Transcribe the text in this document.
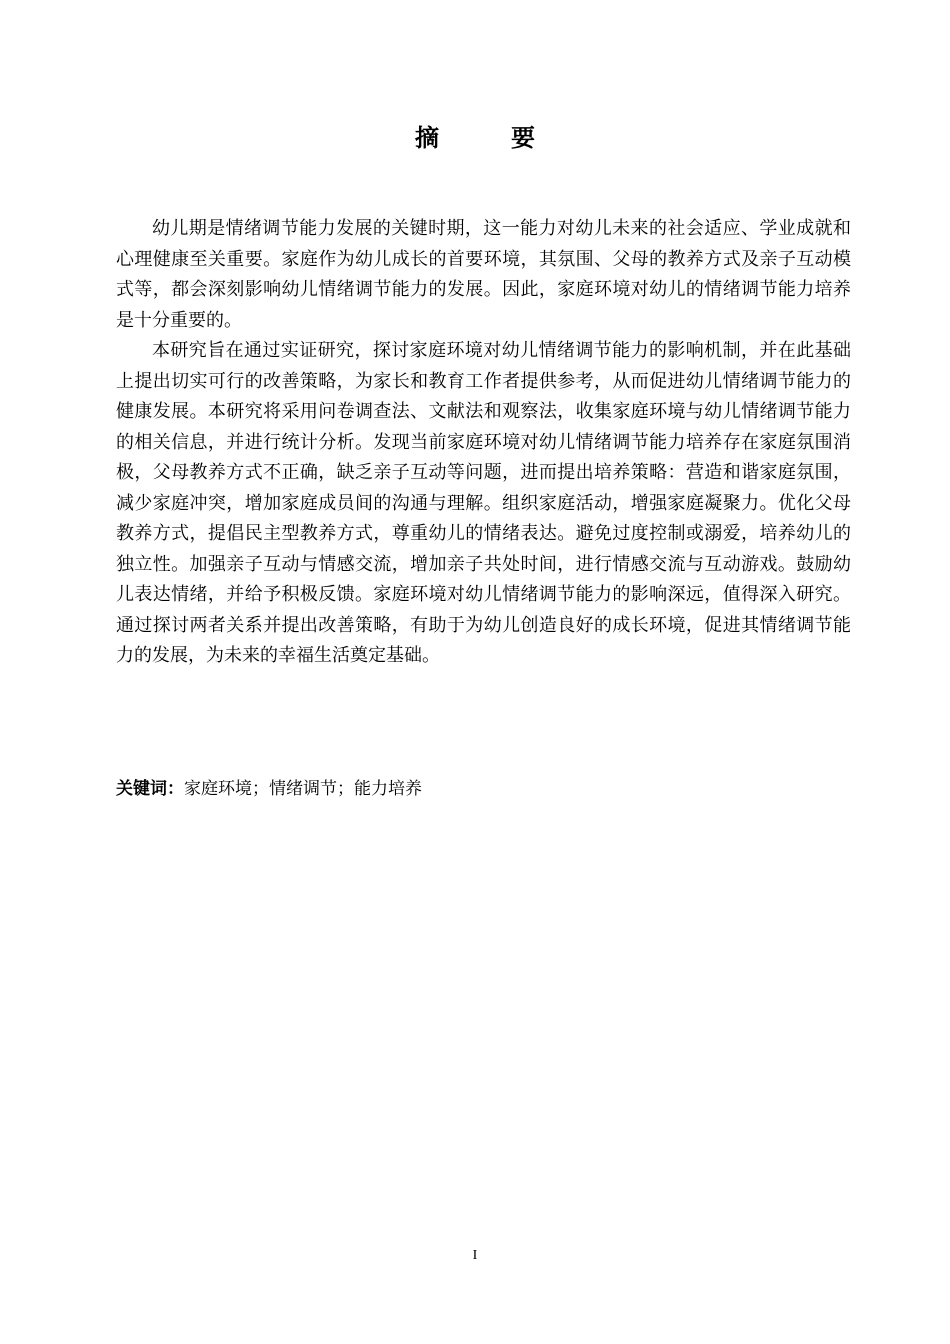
摘　要

幼儿期是情绪调节能力发展的关键时期，这一能力对幼儿未来的社会适应、学业成就和心理健康至关重要。家庭作为幼儿成长的首要环境，其氛围、父母的教养方式及亲子互动模式等，都会深刻影响幼儿情绪调节能力的发展。因此，家庭环境对幼儿的情绪调节能力培养是十分重要的。

本研究旨在通过实证研究，探讨家庭环境对幼儿情绪调节能力的影响机制，并在此基础上提出切实可行的改善策略，为家长和教育工作者提供参考，从而促进幼儿情绪调节能力的健康发展。本研究将采用问卷调查法、文献法和观察法，收集家庭环境与幼儿情绪调节能力的相关信息，并进行统计分析。发现当前家庭环境对幼儿情绪调节能力培养存在家庭氛围消极，父母教养方式不正确，缺乏亲子互动等问题，进而提出培养策略：营造和谐家庭氛围，减少家庭冲突，增加家庭成员间的沟通与理解。组织家庭活动，增强家庭凝聚力。优化父母教养方式，提倡民主型教养方式，尊重幼儿的情绪表达。避免过度控制或溺爱，培养幼儿的独立性。加强亲子互动与情感交流，增加亲子共处时间，进行情感交流与互动游戏。鼓励幼儿表达情绪，并给予积极反馈。家庭环境对幼儿情绪调节能力的影响深远，值得深入研究。通过探讨两者关系并提出改善策略，有助于为幼儿创造良好的成长环境，促进其情绪调节能力的发展，为未来的幸福生活奠定基础。

关键词：家庭环境；情绪调节；能力培养
I
